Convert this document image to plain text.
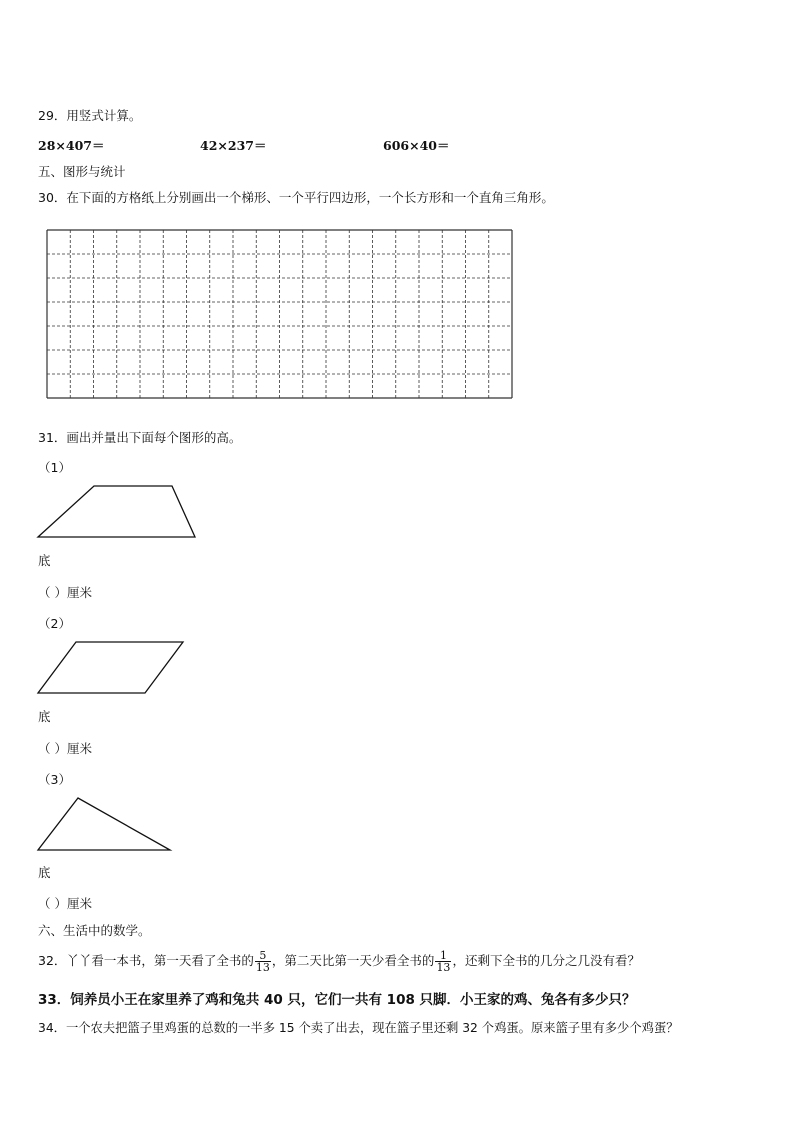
29．用竖式计算。
28×407＝	42×237＝	606×40＝
五、图形与统计
30．在下面的方格纸上分别画出一个梯形、一个平行四边形，一个长方形和一个直角三角形。
31．画出并量出下面每个图形的高。
（1）
底
（ ）厘米
（2）
底
（ ）厘米
（3）
底
（ ）厘米
六、生活中的数学。
32．丫丫看一本书，第一天看了全书的 $\frac{5}{13}$ ，第二天比第一天少看全书的 $\frac{1}{13}$ ，还剩下全书的几分之几没有看？
33．饲养员小王在家里养了鸡和兔共 40 只，它们一共有 108 只脚．小王家的鸡、兔各有多少只？
34．一个农夫把篮子里鸡蛋的总数的一半多 15 个卖了出去，现在篮子里还剩 32 个鸡蛋。原来篮子里有多少个鸡蛋？
